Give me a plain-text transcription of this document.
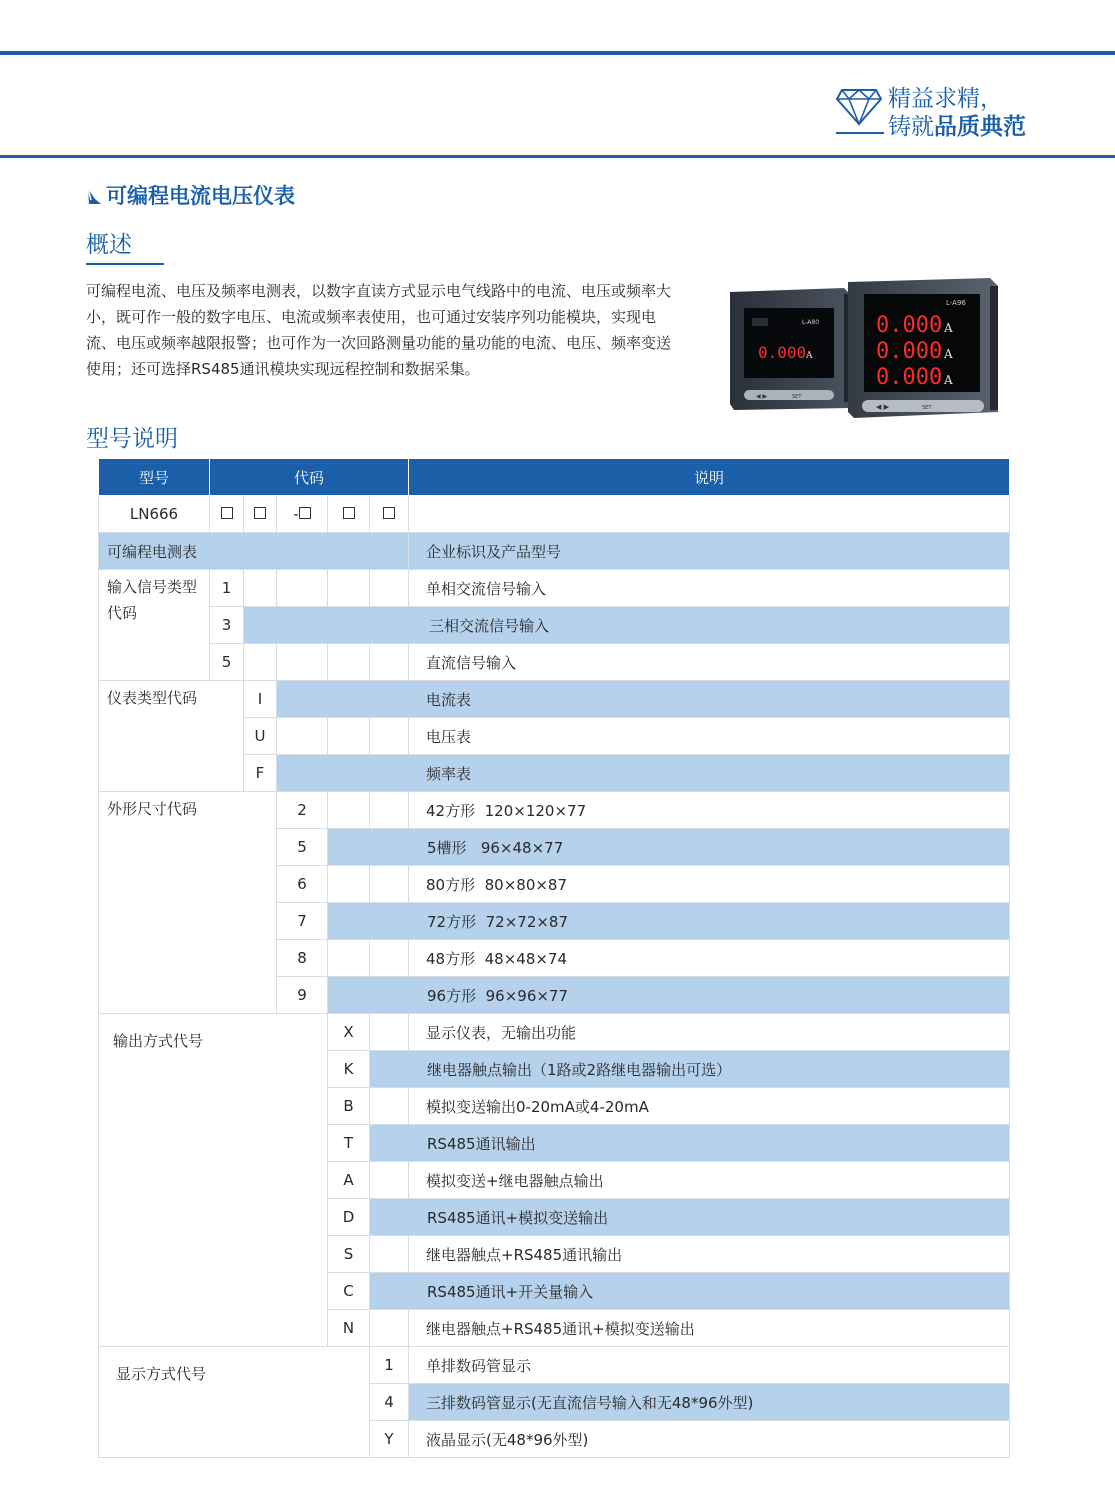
精益求精，
铸就品质典范
可编程电流电压仪表
概述

可编程电流、电压及频率电测表，以数字直读方式显示电气线路中的电流、电压或频率大

小，既可作一般的数字电压、电流或频率表使用，也可通过安装序列功能模块，实现电

流、电压或频率越限报警；也可作为一次回路测量功能的量功能的电流、电压、频率变送

使用；还可选择RS485通讯模块实现远程控制和数据采集。

L-A80
0.000 A
◀ ▶	SET
L-A96
0.000
0.000
0.000
A
A
A
◀ ▶	SET
型号说明
型号	代码					说明
LN666			-			
可编程电测表						企业标识及产品型号
输入信号类型代码	1					单相交流信号输入
	3	三相交流信号输入				
	5					直流信号输入
仪表类型代码		I	电流表			
		U				电压表
		F	频率表			
外形尺寸代码			2			42方形  120×120×77
			5	5槽形   96×48×77		
			6			80方形  80×80×87
			7	72方形  72×72×87		
			8			48方形  48×48×74
			9	96方形  96×96×77		
输出方式代号				X		显示仪表，无输出功能
				K	继电器触点输出（1路或2路继电器输出可选）	
				B		模拟变送输出0-20mA或4-20mA
				T	RS485通讯输出	
				A		模拟变送+继电器触点输出
				D	RS485通讯+模拟变送输出	
				S		继电器触点+RS485通讯输出
				C	RS485通讯+开关量输入	
				N		继电器触点+RS485通讯+模拟变送输出
显示方式代号					1	单排数码管显示
					4	三排数码管显示(无直流信号输入和无48*96外型)
					Y	液晶显示(无48*96外型)
